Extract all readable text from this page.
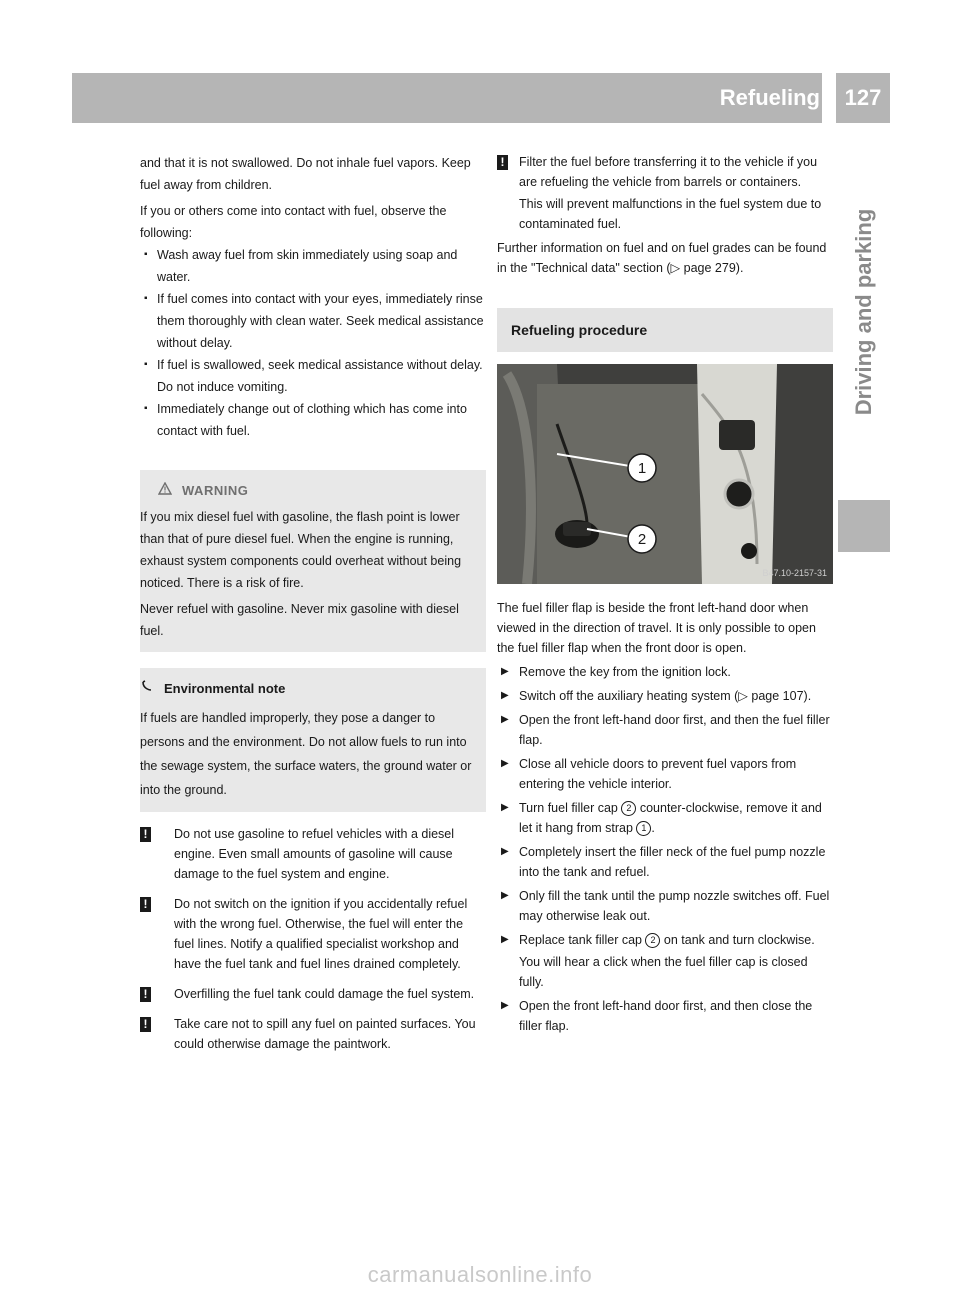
Refueling	127
Driving and parking

and that it is not swallowed. Do not inhale fuel vapors. Keep fuel away from children.

If you or others come into contact with fuel, observe the following:

▪ Wash away fuel from skin immediately using soap and water.
▪ If fuel comes into contact with your eyes, immediately rinse them thoroughly with clean water. Seek medical assistance without delay.
▪ If fuel is swallowed, seek medical assistance without delay. Do not induce vomiting.
▪ Immediately change out of clothing which has come into contact with fuel.
WARNING

If you mix diesel fuel with gasoline, the flash point is lower than that of pure diesel fuel. When the engine is running, exhaust system components could overheat without being noticed. There is a risk of fire.

Never refuel with gasoline. Never mix gasoline with diesel fuel.

Environmental note

If fuels are handled improperly, they pose a danger to persons and the environment. Do not allow fuels to run into the sewage system, the surface waters, the ground water or into the ground.

! Do not use gasoline to refuel vehicles with a diesel engine. Even small amounts of gasoline will cause damage to the fuel system and engine.
! Do not switch on the ignition if you accidentally refuel with the wrong fuel. Otherwise, the fuel will enter the fuel lines. Notify a qualified specialist workshop and have the fuel tank and fuel lines drained completely.
! Overfilling the fuel tank could damage the fuel system.
! Take care not to spill any fuel on painted surfaces. You could otherwise damage the paintwork.
! Filter the fuel before transferring it to the vehicle if you are refueling the vehicle from barrels or containers.
This will prevent malfunctions in the fuel system due to contaminated fuel.

Further information on fuel and on fuel grades can be found in the "Technical data" section (▷ page 279).

Refueling procedure
1
2
B47.10-2157-31

The fuel filler flap is beside the front left-hand door when viewed in the direction of travel. It is only possible to open the fuel filler flap when the front door is open.

▶ Remove the key from the ignition lock.
▶ Switch off the auxiliary heating system (▷ page 107).
▶ Open the front left-hand door first, and then the fuel filler flap.
▶ Close all vehicle doors to prevent fuel vapors from entering the vehicle interior.
▶ Turn fuel filler cap 2 counter-clockwise, remove it and let it hang from strap 1 .
▶ Completely insert the filler neck of the fuel pump nozzle into the tank and refuel.
▶ Only fill the tank until the pump nozzle switches off. Fuel may otherwise leak out.
▶ Replace tank filler cap 2 on tank and turn clockwise.
You will hear a click when the fuel filler cap is closed fully.
▶ Open the front left-hand door first, and then close the filler flap.
carmanualsonline.info
